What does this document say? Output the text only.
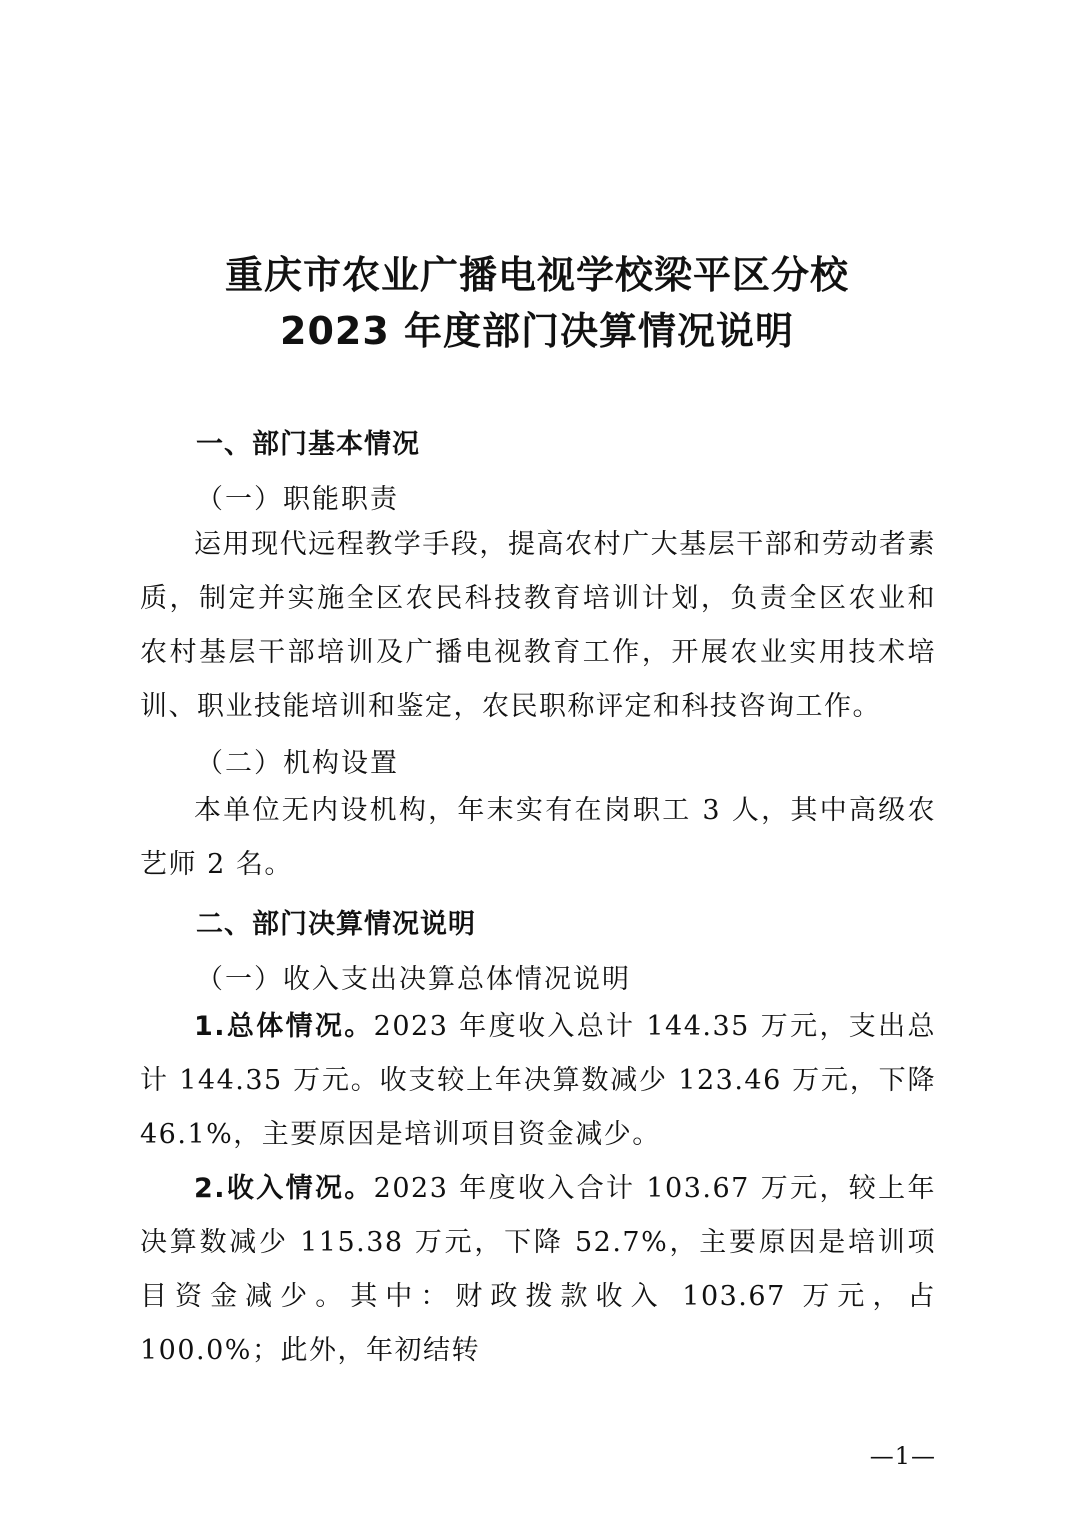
重庆市农业广播电视学校梁平区分校
2023 年度部门决算情况说明
一、部门基本情况
（一）职能职责

运用现代远程教学手段，提高农村广大基层干部和劳动者素质，制定并实施全区农民科技教育培训计划，负责全区农业和农村基层干部培训及广播电视教育工作，开展农业实用技术培训、职业技能培训和鉴定，农民职称评定和科技咨询工作。

（二）机构设置

本单位无内设机构，年末实有在岗职工 3 人，其中高级农艺师 2 名。

二、部门决算情况说明
（一）收入支出决算总体情况说明

1.总体情况。2023 年度收入总计 144.35 万元，支出总计 144.35 万元。收支较上年决算数减少 123.46 万元，下降 46.1%，主要原因是培训项目资金减少。

2.收入情况。2023 年度收入合计 103.67 万元，较上年决算数减少 115.38 万元，下降 52.7%，主要原因是培训项目资金减少。其中：财政拨款收入 103.67 万元，占 100.0%；此外，年初结转

—1—
